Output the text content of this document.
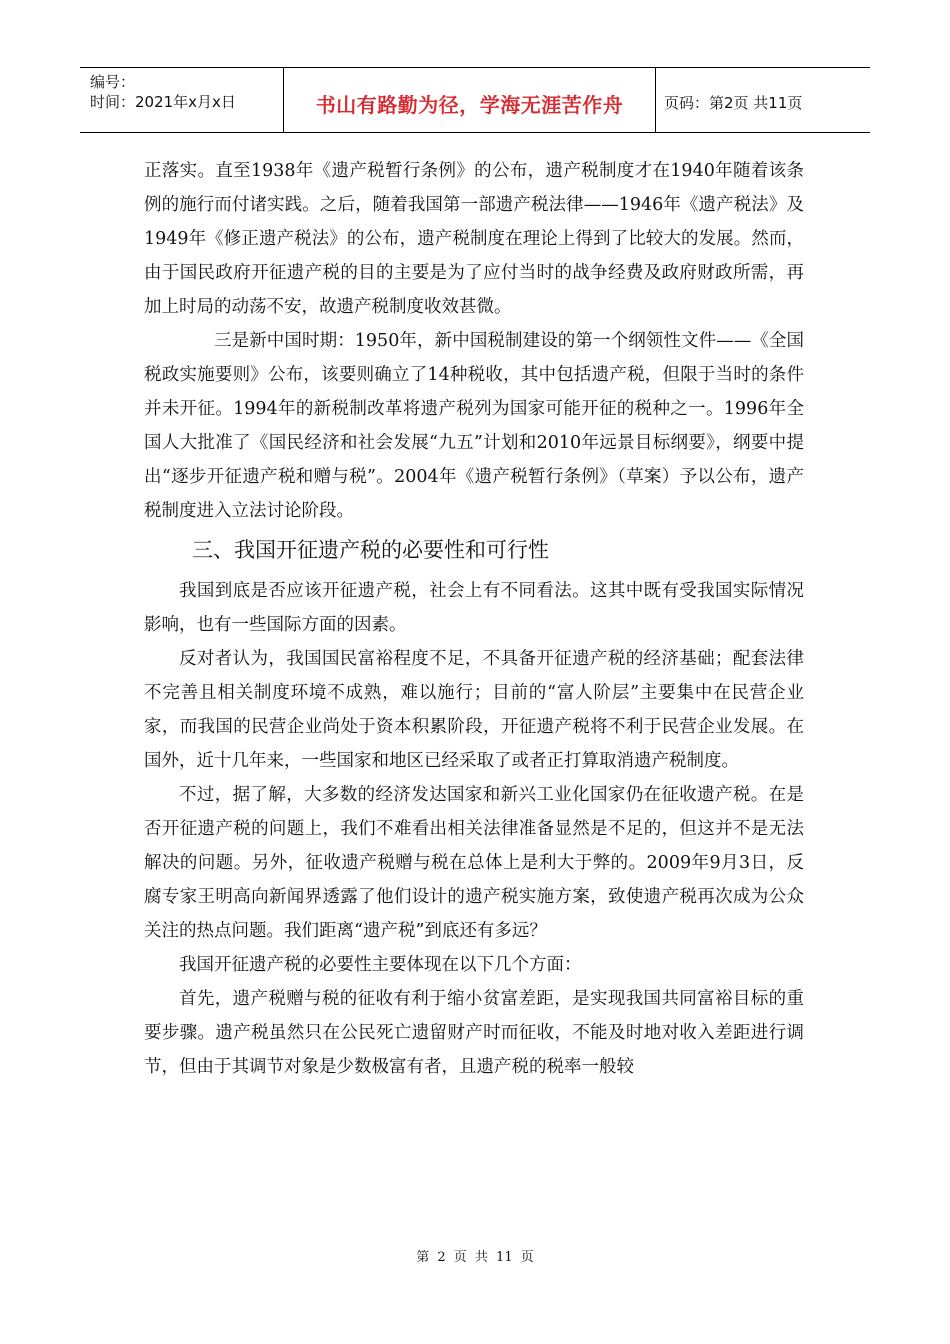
编号：
时间：2021年x月x日	书山有路勤为径，学海无涯苦作舟	页码：第2页 共11页

正落实。直至1938年《遗产税暂行条例》的公布，遗产税制度才在1940年随着该条例的施行而付诸实践。之后，随着我国第一部遗产税法律——1946年《遗产税法》及1949年《修正遗产税法》的公布，遗产税制度在理论上得到了比较大的发展。然而，由于国民政府开征遗产税的目的主要是为了应付当时的战争经费及政府财政所需，再加上时局的动荡不安，故遗产税制度收效甚微。

三是新中国时期：1950年，新中国税制建设的第一个纲领性文件——《全国税政实施要则》公布，该要则确立了14种税收，其中包括遗产税，但限于当时的条件并未开征。1994年的新税制改革将遗产税列为国家可能开征的税种之一。1996年全国人大批准了《国民经济和社会发展“九五”计划和2010年远景目标纲要》，纲要中提出“逐步开征遗产税和赠与税”。2004年《遗产税暂行条例》（草案）予以公布，遗产税制度进入立法讨论阶段。

三、我国开征遗产税的必要性和可行性

我国到底是否应该开征遗产税，社会上有不同看法。这其中既有受我国实际情况影响，也有一些国际方面的因素。

反对者认为，我国国民富裕程度不足，不具备开征遗产税的经济基础；配套法律不完善且相关制度环境不成熟，难以施行；目前的“富人阶层”主要集中在民营企业家，而我国的民营企业尚处于资本积累阶段，开征遗产税将不利于民营企业发展。在国外，近十几年来，一些国家和地区已经采取了或者正打算取消遗产税制度。

不过，据了解，大多数的经济发达国家和新兴工业化国家仍在征收遗产税。在是否开征遗产税的问题上，我们不难看出相关法律准备显然是不足的，但这并不是无法解决的问题。另外，征收遗产税赠与税在总体上是利大于弊的。2009年9月3日，反腐专家王明高向新闻界透露了他们设计的遗产税实施方案，致使遗产税再次成为公众关注的热点问题。我们距离“遗产税”到底还有多远？

我国开征遗产税的必要性主要体现在以下几个方面：

首先，遗产税赠与税的征收有利于缩小贫富差距，是实现我国共同富裕目标的重要步骤。遗产税虽然只在公民死亡遗留财产时而征收，不能及时地对收入差距进行调节，但由于其调节对象是少数极富有者，且遗产税的税率一般较

第 2 页 共 11 页
